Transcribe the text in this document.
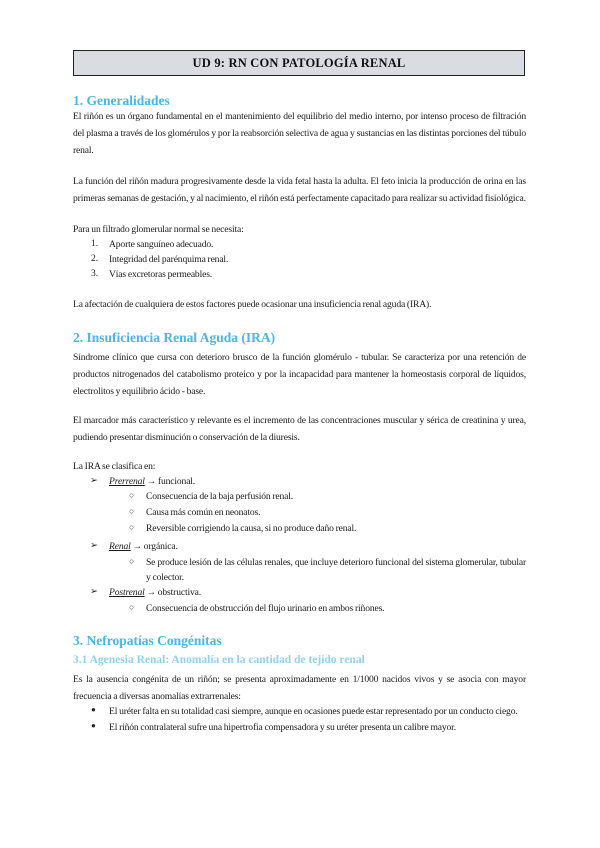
UD 9: RN CON PATOLOGÍA RENAL
1. Generalidades

El riñón es un órgano fundamental en el mantenimiento del equilibrio del medio interno, por intenso proceso de filtración del plasma a través de los glomérulos y por la reabsorción selectiva de agua y sustancias en las distintas porciones del túbulo renal.

La función del riñón madura progresivamente desde la vida fetal hasta la adulta. El feto inicia la producción de orina en las primeras semanas de gestación, y al nacimiento, el riñón está perfectamente capacitado para realizar su actividad fisiológica.

Para un filtrado glomerular normal se necesita:
1. Aporte sanguíneo adecuado.
2. Integridad del parénquima renal.
3. Vías excretoras permeables.
La afectación de cualquiera de estos factores puede ocasionar una insuficiencia renal aguda (IRA).
2. Insuficiencia Renal Aguda (IRA)

Síndrome clínico que cursa con deterioro brusco de la función glomérulo - tubular. Se caracteriza por una retención de productos nitrogenados del catabolismo proteico y por la incapacidad para mantener la homeostasis corporal de líquidos, electrolitos y equilibrio ácido - base.

El marcador más característico y relevante es el incremento de las concentraciones muscular y sérica de creatinina y urea, pudiendo presentar disminución o conservación de la diuresis.

La IRA se clasifica en:
➢ Prerrenal → funcional.
○ Consecuencia de la baja perfusión renal.
○ Causa más común en neonatos.
○ Reversible corrigiendo la causa, si no produce daño renal.
➢ Renal → orgánica.
○ Se produce lesión de las células renales, que incluye deterioro funcional del sistema glomerular, tubular y colector.
➢ Postrenal → obstructiva.
○ Consecuencia de obstrucción del flujo urinario en ambos riñones.
3. Nefropatías Congénitas
3.1 Agenesia Renal: Anomalía en la cantidad de tejido renal

Es la ausencia congénita de un riñón; se presenta aproximadamente en 1/1000 nacidos vivos y se asocia con mayor frecuencia a diversas anomalías extrarrenales:

● El uréter falta en su totalidad casi siempre, aunque en ocasiones puede estar representado por un conducto ciego.
● El riñón contralateral sufre una hipertrofia compensadora y su uréter presenta un calibre mayor.
